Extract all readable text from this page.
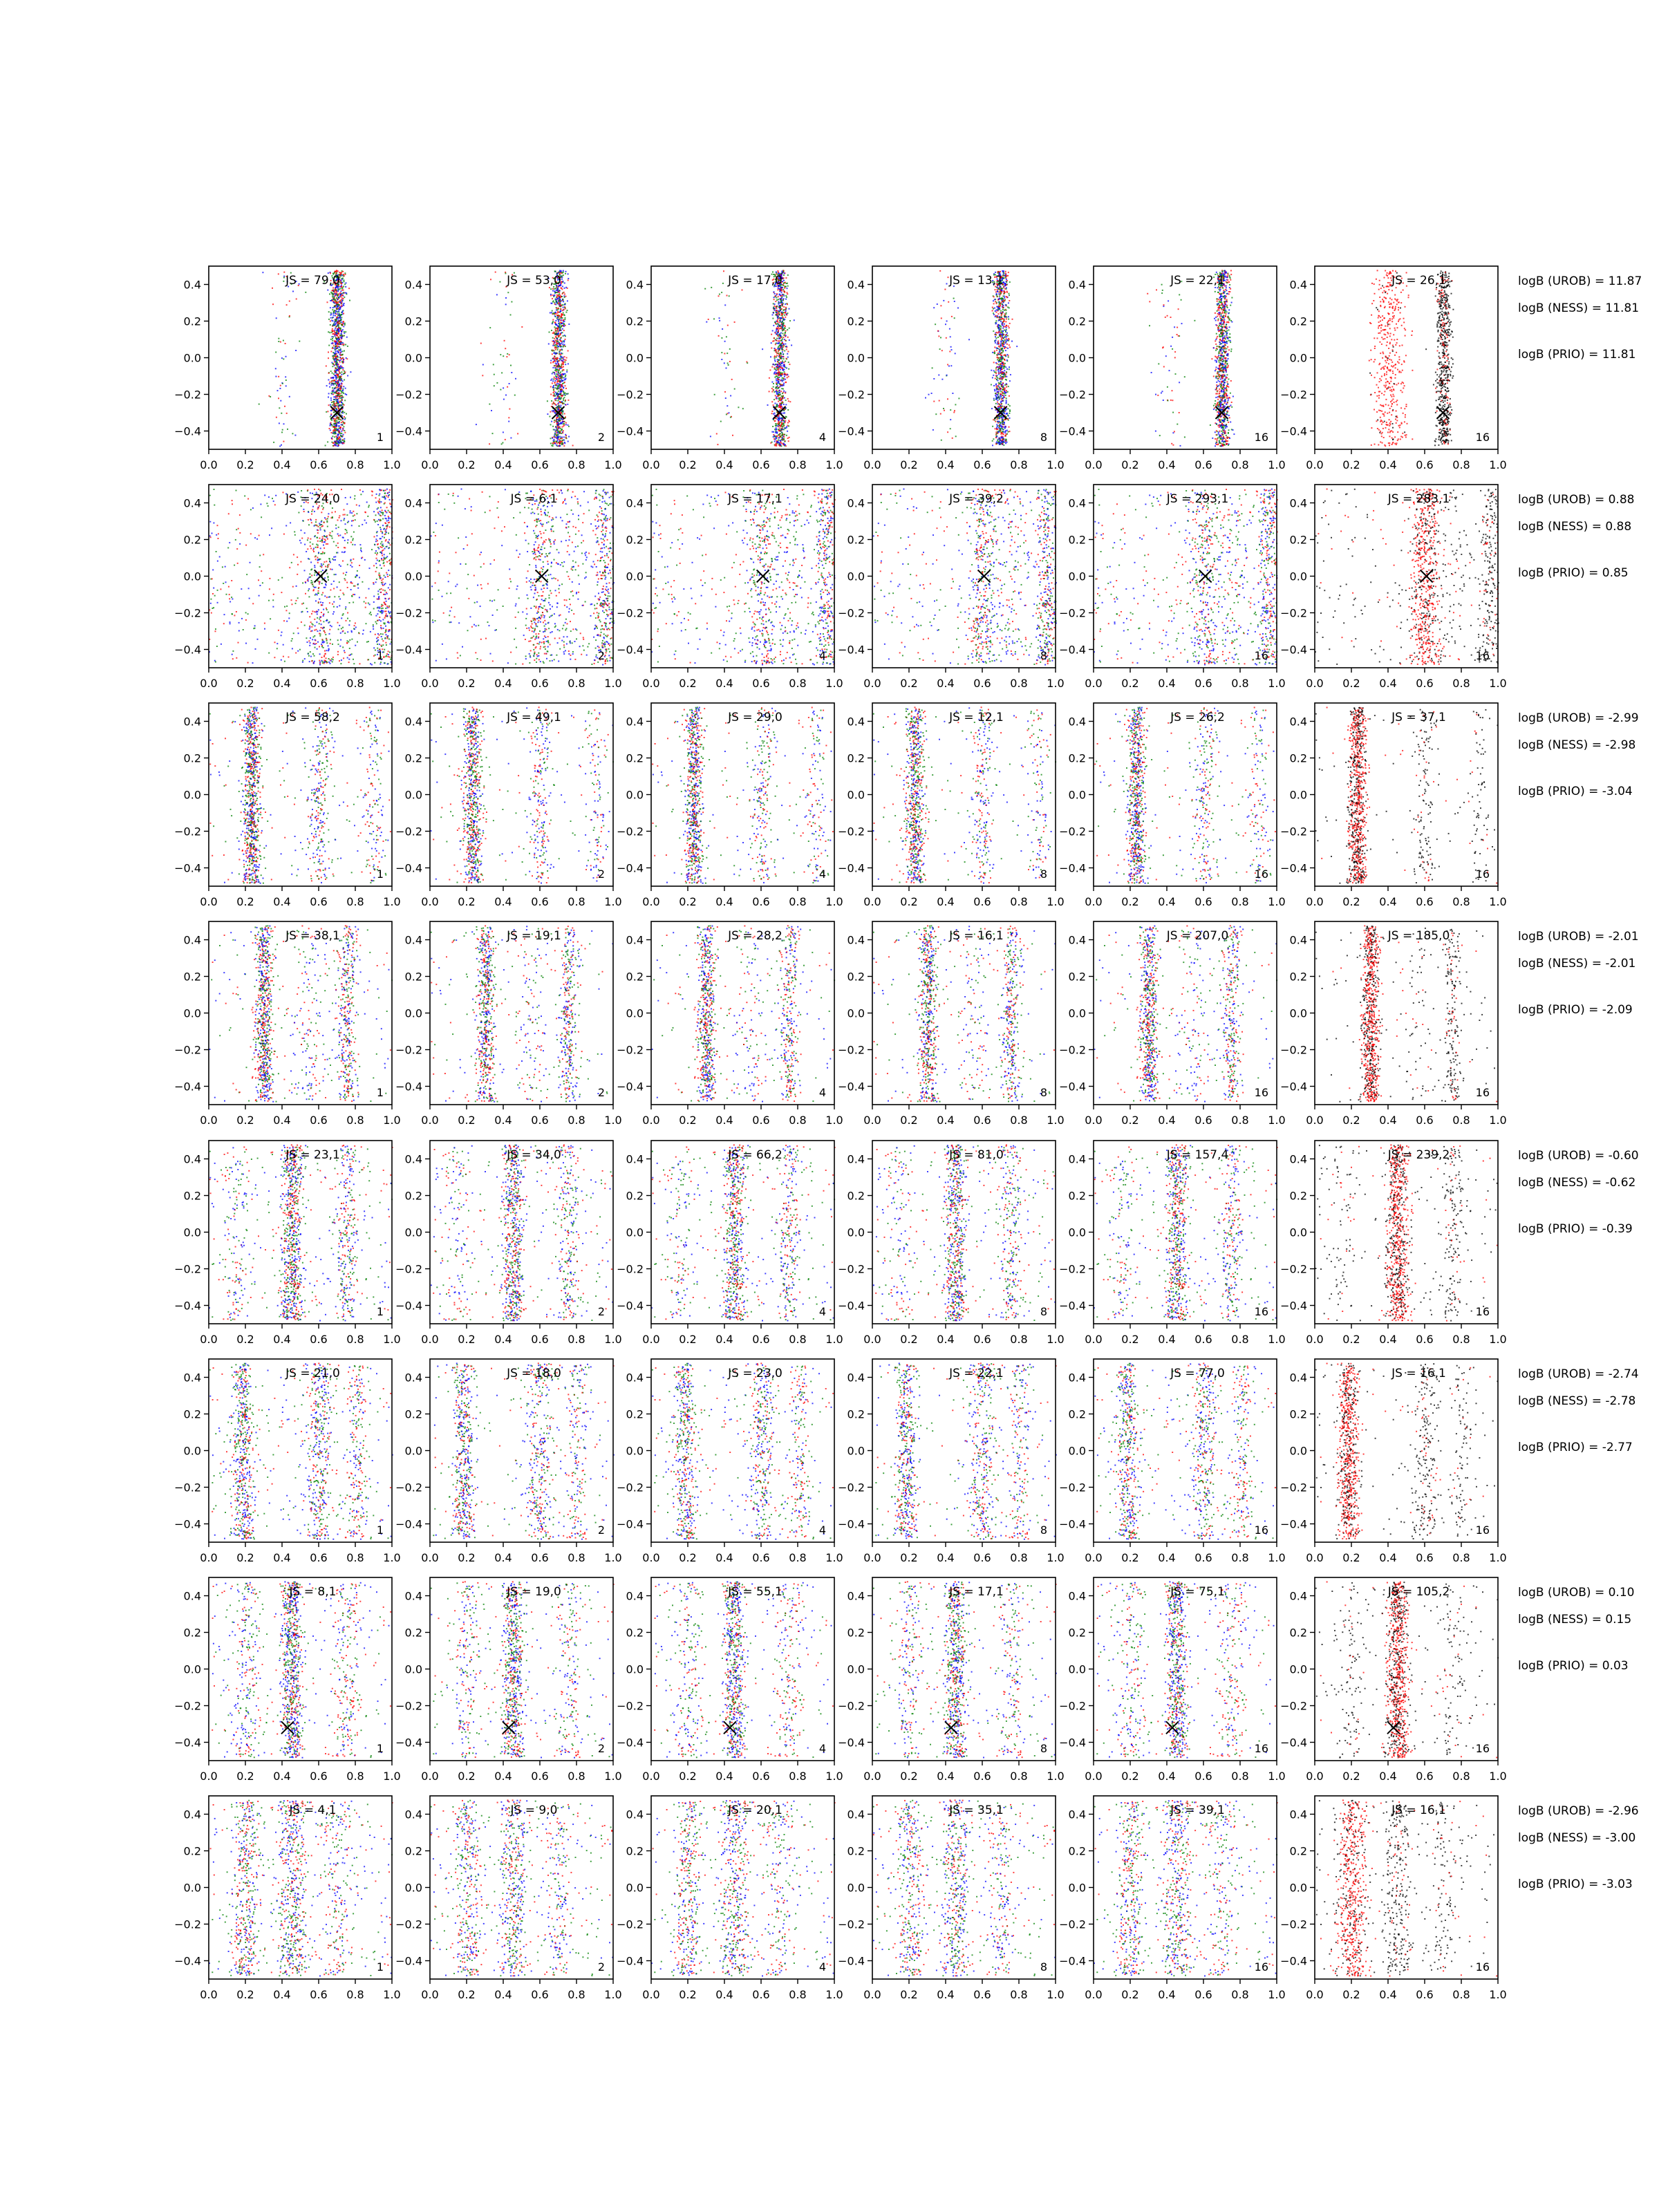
0.0 0.2 0.4 0.6 0.8 1.0
0.4
0.2
0.0
−0.2
−0.4
JS = 79,0
1
0.0 0.2 0.4 0.6 0.8 1.0
0.4
0.2
0.0
−0.2
−0.4
JS = 53,0
2
0.0 0.2 0.4 0.6 0.8 1.0
0.4
0.2
0.0
−0.2
−0.4
JS = 17,0
4
0.0 0.2 0.4 0.6 0.8 1.0
0.4
0.2
0.0
−0.2
−0.4
JS = 13,1
8
0.0 0.2 0.4 0.6 0.8 1.0
0.4
0.2
0.0
−0.2
−0.4
JS = 22,1
16
0.0 0.2 0.4 0.6 0.8 1.0
0.4
0.2
0.0
−0.2
−0.4
JS = 26,1
16
logB (UROB) = 11.87
logB (NESS) = 11.81
logB (PRIO) = 11.81
0.0 0.2 0.4 0.6 0.8 1.0
0.4
0.2
0.0
−0.2
−0.4
JS = 24,0
1
0.0 0.2 0.4 0.6 0.8 1.0
0.4
0.2
0.0
−0.2
−0.4
JS = 6,1
2
0.0 0.2 0.4 0.6 0.8 1.0
0.4
0.2
0.0
−0.2
−0.4
JS = 17,1
4
0.0 0.2 0.4 0.6 0.8 1.0
0.4
0.2
0.0
−0.2
−0.4
JS = 39,2
8
0.0 0.2 0.4 0.6 0.8 1.0
0.4
0.2
0.0
−0.2
−0.4
JS = 293,1
16
0.0 0.2 0.4 0.6 0.8 1.0
0.4
0.2
0.0
−0.2
−0.4
JS = 283,1
16
logB (UROB) = 0.88
logB (NESS) = 0.88
logB (PRIO) = 0.85
0.0 0.2 0.4 0.6 0.8 1.0
0.4
0.2
0.0
−0.2
−0.4
JS = 58,2
1
0.0 0.2 0.4 0.6 0.8 1.0
0.4
0.2
0.0
−0.2
−0.4
JS = 49,1
2
0.0 0.2 0.4 0.6 0.8 1.0
0.4
0.2
0.0
−0.2
−0.4
JS = 29,0
4
0.0 0.2 0.4 0.6 0.8 1.0
0.4
0.2
0.0
−0.2
−0.4
JS = 12,1
8
0.0 0.2 0.4 0.6 0.8 1.0
0.4
0.2
0.0
−0.2
−0.4
JS = 26,2
16
0.0 0.2 0.4 0.6 0.8 1.0
0.4
0.2
0.0
−0.2
−0.4
JS = 37,1
16
logB (UROB) = -2.99
logB (NESS) = -2.98
logB (PRIO) = -3.04
0.0 0.2 0.4 0.6 0.8 1.0
0.4
0.2
0.0
−0.2
−0.4
JS = 38,1
1
0.0 0.2 0.4 0.6 0.8 1.0
0.4
0.2
0.0
−0.2
−0.4
JS = 19,1
2
0.0 0.2 0.4 0.6 0.8 1.0
0.4
0.2
0.0
−0.2
−0.4
JS = 28,2
4
0.0 0.2 0.4 0.6 0.8 1.0
0.4
0.2
0.0
−0.2
−0.4
JS = 16,1
8
0.0 0.2 0.4 0.6 0.8 1.0
0.4
0.2
0.0
−0.2
−0.4
JS = 207,0
16
0.0 0.2 0.4 0.6 0.8 1.0
0.4
0.2
0.0
−0.2
−0.4
JS = 185,0
16
logB (UROB) = -2.01
logB (NESS) = -2.01
logB (PRIO) = -2.09
0.0 0.2 0.4 0.6 0.8 1.0
0.4
0.2
0.0
−0.2
−0.4
JS = 23,1
1
0.0 0.2 0.4 0.6 0.8 1.0
0.4
0.2
0.0
−0.2
−0.4
JS = 34,0
2
0.0 0.2 0.4 0.6 0.8 1.0
0.4
0.2
0.0
−0.2
−0.4
JS = 66,2
4
0.0 0.2 0.4 0.6 0.8 1.0
0.4
0.2
0.0
−0.2
−0.4
JS = 81,0
8
0.0 0.2 0.4 0.6 0.8 1.0
0.4
0.2
0.0
−0.2
−0.4
JS = 157,4
16
0.0 0.2 0.4 0.6 0.8 1.0
0.4
0.2
0.0
−0.2
−0.4
JS = 239,2
16
logB (UROB) = -0.60
logB (NESS) = -0.62
logB (PRIO) = -0.39
0.0 0.2 0.4 0.6 0.8 1.0
0.4
0.2
0.0
−0.2
−0.4
JS = 21,0
1
0.0 0.2 0.4 0.6 0.8 1.0
0.4
0.2
0.0
−0.2
−0.4
JS = 18,0
2
0.0 0.2 0.4 0.6 0.8 1.0
0.4
0.2
0.0
−0.2
−0.4
JS = 23,0
4
0.0 0.2 0.4 0.6 0.8 1.0
0.4
0.2
0.0
−0.2
−0.4
JS = 22,1
8
0.0 0.2 0.4 0.6 0.8 1.0
0.4
0.2
0.0
−0.2
−0.4
JS = 77,0
16
0.0 0.2 0.4 0.6 0.8 1.0
0.4
0.2
0.0
−0.2
−0.4
JS = 16,1
16
logB (UROB) = -2.74
logB (NESS) = -2.78
logB (PRIO) = -2.77
0.0 0.2 0.4 0.6 0.8 1.0
0.4
0.2
0.0
−0.2
−0.4
JS = 8,1
1
0.0 0.2 0.4 0.6 0.8 1.0
0.4
0.2
0.0
−0.2
−0.4
JS = 19,0
2
0.0 0.2 0.4 0.6 0.8 1.0
0.4
0.2
0.0
−0.2
−0.4
JS = 55,1
4
0.0 0.2 0.4 0.6 0.8 1.0
0.4
0.2
0.0
−0.2
−0.4
JS = 17,1
8
0.0 0.2 0.4 0.6 0.8 1.0
0.4
0.2
0.0
−0.2
−0.4
JS = 75,1
16
0.0 0.2 0.4 0.6 0.8 1.0
0.4
0.2
0.0
−0.2
−0.4
JS = 105,2
16
logB (UROB) = 0.10
logB (NESS) = 0.15
logB (PRIO) = 0.03
0.0 0.2 0.4 0.6 0.8 1.0
0.4
0.2
0.0
−0.2
−0.4
JS = 4,1
1
0.0 0.2 0.4 0.6 0.8 1.0
0.4
0.2
0.0
−0.2
−0.4
JS = 9,0
2
0.0 0.2 0.4 0.6 0.8 1.0
0.4
0.2
0.0
−0.2
−0.4
JS = 20,1
4
0.0 0.2 0.4 0.6 0.8 1.0
0.4
0.2
0.0
−0.2
−0.4
JS = 35,1
8
0.0 0.2 0.4 0.6 0.8 1.0
0.4
0.2
0.0
−0.2
−0.4
JS = 39,1
16
0.0 0.2 0.4 0.6 0.8 1.0
0.4
0.2
0.0
−0.2
−0.4
JS = 16,1
16
logB (UROB) = -2.96
logB (NESS) = -3.00
logB (PRIO) = -3.03
